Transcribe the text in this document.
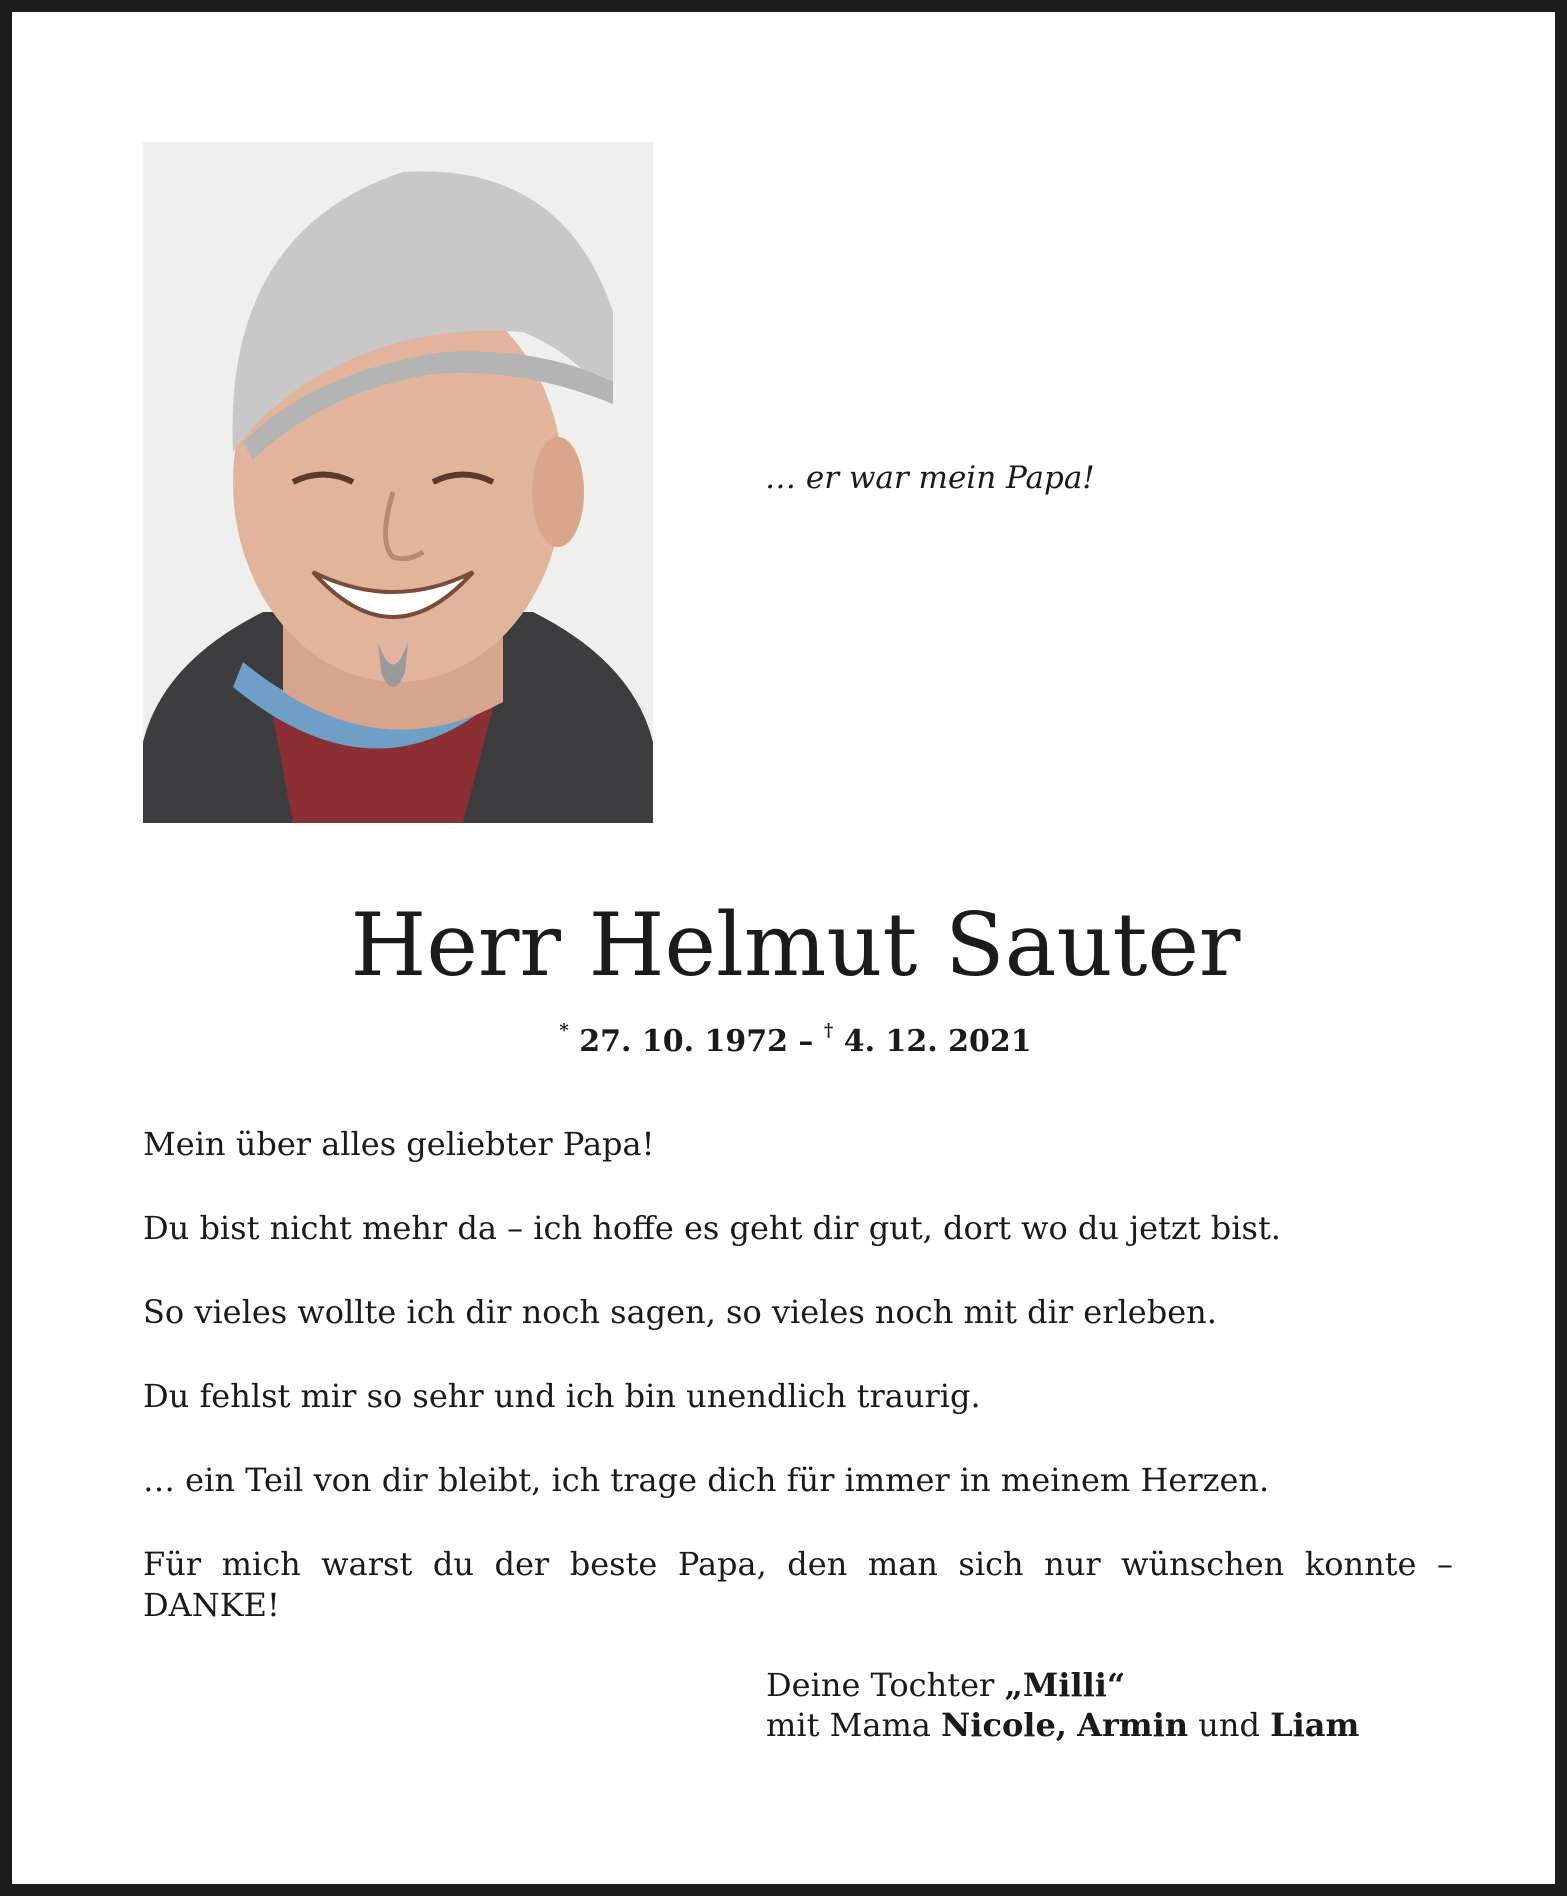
… er war mein Papa!
Herr Helmut Sauter
* 27. 10. 1972 – † 4. 12. 2021

Mein über alles geliebter Papa!

Du bist nicht mehr da – ich hoffe es geht dir gut, dort wo du jetzt bist.

So vieles wollte ich dir noch sagen, so vieles noch mit dir erleben.

Du fehlst mir so sehr und ich bin unendlich traurig.

… ein Teil von dir bleibt, ich trage dich für immer in meinem Herzen.

Für mich warst du der beste Papa, den man sich nur wünschen konnte – DANKE!

Deine Tochter „Milli“
mit Mama Nicole, Armin und Liam
